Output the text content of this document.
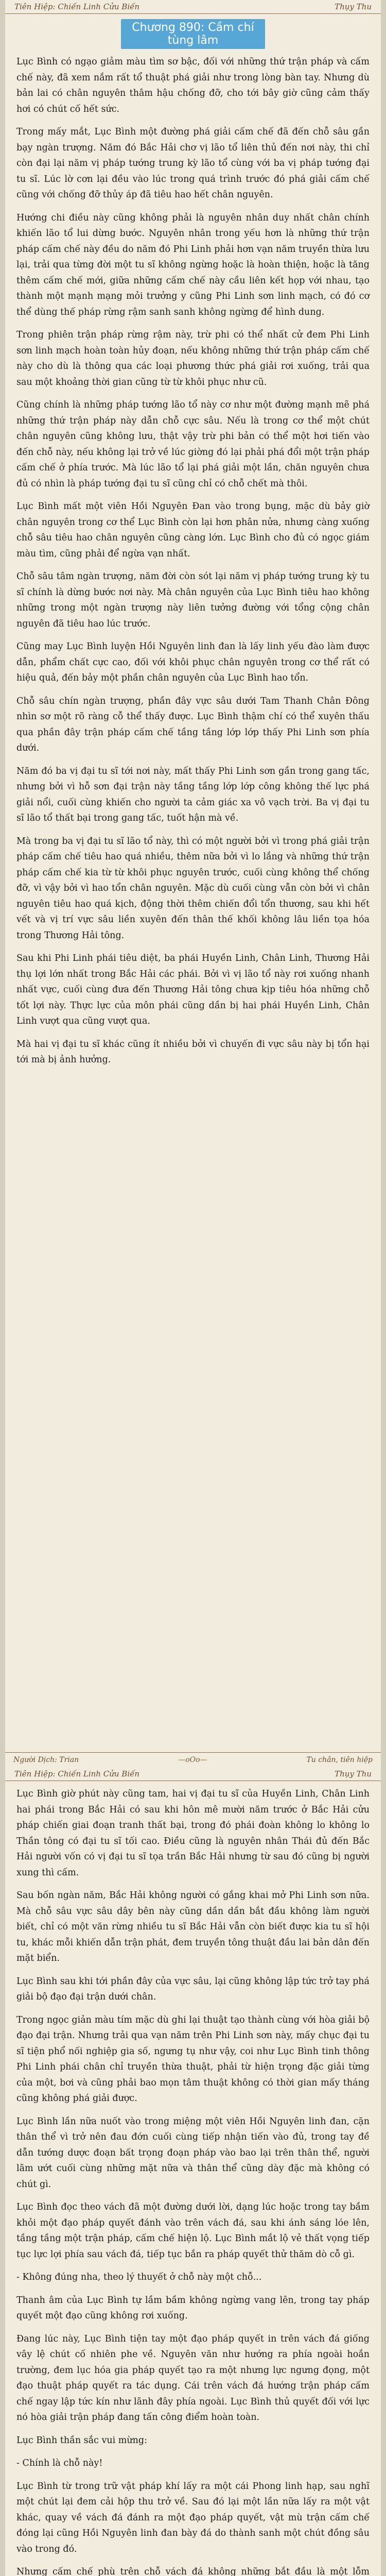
Tiên Hiệp: Chiến Linh Cửu Biến	Thụy Thu
Chương 890: Cầm chí tùng lâm

Lục Bình có ngạo giảm màu tìm sơ bậc, đối với những thứ trận pháp và cấm chế này, đã xem nắm rất tổ thuật phá giải như trong lòng bàn tay. Nhưng dù bản lai có chân nguyên thâm hậu chống đỡ, cho tới bây giờ cũng cảm thấy hơi có chút cố hết sức.

Trong mấy mắt, Lục Bình một đường phá giải cấm chế đã đến chỗ sâu gần bạy ngàn trượng. Năm đó Bắc Hải chơ vị lão tổ liên thủ đến nơi này, thi chỉ còn đại lại năm vị pháp tướng trung kỳ lão tổ cùng với ba vị pháp tướng đại tu sĩ. Lúc lờ cơn lại đều vào lúc trong quá trình trước đó phá giải cấm chế cũng với chống đỡ thủy áp đã tiêu hao hết chân nguyên.

Hướng chi điều này cũng không phải là nguyên nhân duy nhất chân chính khiến lão tổ lui dừng bước. Nguyên nhân trong yếu hơn là những thứ trận pháp cấm chế này đều do năm đó Phi Linh phải hơn vạn năm truyền thừa lưu lại, trải qua từng đời một tu sĩ không ngừng hoặc là hoàn thiện, hoặc là tăng thêm cấm chế mới, giữa những cấm chế này cầu liên kết họp với nhau, tạo thành một mạnh mạng mỏi trưởng y cũng Phi Linh sơn linh mạch, có đó cơ thể dùng thế pháp rừng rậm sanh sanh không ngừng để hình dung.

Trong phiên trận pháp rừng rậm này, trừ phi có thể nhất cử đem Phi Linh sơn linh mạch hoàn toàn hủy đoạn, nếu không những thứ trận pháp cấm chế này cho dù là thông qua các loại phương thức phá giải rơi xuống, trải qua sau một khoảng thời gian cũng từ từ khôi phục như cũ.

Cũng chính là những pháp tướng lão tổ này cơ như một đường mạnh mẽ phá những thứ trận pháp này dẫn chỗ cực sâu. Nếu là trong cơ thể một chút chân nguyên cũng không lưu, thật vậy trừ phi bản có thể một hơi tiến vào đến chỗ này, nếu không lại trở về lúc giờng đó lại phải phá đổi một trận pháp cấm chế ở phía trước. Mà lúc lão tổ lại phá giải một lần, chăn nguyên chưa đủ có nhìn là pháp tướng đại tu sĩ cũng chỉ có chỗ chết mà thôi.

Lục Bình mất một viên Hồi Nguyên Đan vào trong bụng, mặc dù bảy giờ chân nguyên trong cơ thể Lục Bình còn lại hơn phân nửa, nhưng càng xuống chỗ sâu tiêu hao chân nguyên cũng càng lớn. Lục Bình cho đủ có ngọc giám màu tìm, cũng phải để ngừa vạn nhất.

Chỗ sâu tâm ngàn trượng, năm đời còn sót lại năm vị pháp tướng trung kỳ tu sĩ chính là dừng bước nơi này. Mà chân nguyên của Lục Bình tiêu hao không những trong một ngàn trượng này liên tưởng đường với tổng cộng chân nguyên đã tiêu hao lúc trước.

Cũng may Lục Bình luyện Hồi Nguyên linh đan là lấy linh yếu đào làm được dẫn, phẩm chất cực cao, đối với khôi phục chân nguyên trong cơ thể rất có hiệu quả, đến bảy một phần chân nguyên của Lục Bình hao tổn.

Chỗ sâu chín ngàn trượng, phần đây vực sâu dưới Tam Thanh Chân Đông nhìn sơ một rõ ràng cỗ thể thấy được. Lục Bình thậm chí có thể xuyên thấu qua phần đây trận pháp cấm chế tầng tầng lớp lớp thấy Phi Linh sơn phía dưới.

Năm đó ba vị đại tu sĩ tới nơi này, mất thấy Phi Linh sơn gần trong gang tấc, nhưng bởi vì hỗ sơn đại trận này tầng tầng lớp lớp công không thế lực phá giải nổi, cuối cùng khiến cho người ta cảm giác xa vô vạch trời. Ba vị đại tu sĩ lão tổ thất bại trong gang tấc, tuốt hận mà về.

Mà trong ba vị đại tu sĩ lão tổ này, thì có một người bởi vì trong phá giải trận pháp cấm chế tiêu hao quá nhiều, thêm nữa bởi vì lo lắng và những thứ trận pháp cấm chế kia từ từ khôi phục nguyên trước, cuối cùng không thể chống đỡ, vì vậy bởi vì hao tổn chân nguyên. Mặc dù cuối cùng vẫn còn bởi vì chân nguyên tiêu hao quá kịch, động thời thêm chiến đổi tổn thương, sau khi hết vết và vị trí vực sâu liền xuyên đến thân thế khối không lâu liền tọa hóa trong Thương Hải tông.

Sau khi Phi Linh phái tiêu diệt, ba phái Huyền Linh, Chân Linh, Thương Hải thụ lợi lớn nhất trong Bắc Hải các phái. Bởi vì vị lão tổ này rơi xuống nhanh nhất vực, cuối cùng đưa đến Thương Hải tông chưa kịp tiêu hóa những chỗ tốt lợi này. Thực lực của môn phái cũng dần bị hai phái Huyền Linh, Chân Linh vượt qua cũng vượt qua.

Mà hai vị đại tu sĩ khác cũng ít nhiều bởi vì chuyến đi vực sâu này bị tổn hại tới mà bị ảnh hưởng.

Người Dịch: Trian	—oOo—	Tu chân, tiên hiệp
Tiên Hiệp: Chiến Linh Cửu Biến	Thụy Thu

Lục Bình giờ phút này cũng tam, hai vị đại tu sĩ của Huyền Linh, Chân Linh hai phái trong Bắc Hải có sau khi hôn mê mười năm trước ở Bắc Hải cửu pháp chiến giai đoạn tranh thất bại, trong đó phái đoàn không lo không lo Thần tông có đại tu sĩ tối cao. Điều cũng là nguyên nhân Thái đủ đến Bắc Hải người vốn có vị đại tu sĩ tọa trần Bắc Hải nhưng từ sau đó cũng bị người xung thì cấm.

Sau bốn ngàn năm, Bắc Hải không người có gắng khai mở Phi Linh sơn nữa. Mà chỗ sâu vực sâu dây bên này cũng dần dần bắt đầu không làm người biết, chỉ có một văn rừng nhiều tu sĩ Bắc Hải vẫn còn biết được kia tu sĩ hội tu, khác mỗi khiến dẫn trận phát, đem truyền tông thuật đầu lai bản dân đến mặt biển.

Lục Bình sau khi tới phần đây của vực sâu, lại cũng không lập tức trở tay phá giải bộ đạo đại trận dưới chân.

Trong ngọc giản màu tím mặc dù ghi lại thuật tạo thành cùng với hòa giải bộ đạo đại trận. Nhưng trải qua vạn năm trên Phi Linh sơn này, mấy chục đại tu sĩ tiện phổ nối nghiệp gia số, ngưng tụ như vậy, coi như Lục Bình tinh thông Phi Linh phái chân chỉ truyền thừa thuật, phải từ hiện trọng đặc giải từng của một, bơi và cũng phải bao mọn tâm thuật không có thời gian mấy tháng cũng không phá giải được.

Lục Bình lần nữa nuốt vào trong miệng một viên Hồi Nguyên linh đan, cặn thân thể vì trở nên đau đớn cuối cùng tiếp nhận tiến vào đủ, trong tay đề dẫn tướng dược đoạn bất trọng đoạn pháp vào bao lại trên thân thể, người lãm ướt cuối cùng những mặt nữa và thân thể cũng dày đặc mà không có chút gì.

Lục Bình đọc theo vách đã một đường dưới lời, dạng lúc hoặc trong tay bầm khỏi một đạo pháp quyết đánh vào trên vách đá, sau khi ánh sáng lóe lên, tầng tầng một trận pháp, cấm chế hiện lộ. Lục Bình mắt lộ vẻ thất vọng tiếp tục lực lợi phía sau vách đá, tiếp tục bắn ra pháp quyết thử thăm dò cỗ gì.

- Không đúng nha, theo lý thuyết ở chỗ này một chỗ...

Thanh âm của Lục Bình tự lầm bầm không ngừng vang lên, trong tay pháp quyết một đạo cũng không rơi xuống.

Đang lúc này, Lục Bình tiện tay một đạo pháp quyết in trên vách đá giống vây lệ chút cố nhiên phe về. Nguyên văn như hướng ra phía ngoài hoắn trường, đem lục hóa gia pháp quyết tạo ra một nhưng lực ngưng đọng, một đạo thuật pháp quyết ra tác dụng. Cái trên vách đá hướng trận pháp cấm chế ngay lập tức kín như lãnh đây phía ngoài. Lục Bình thủ quyết đối với lực nó hòa giải trận pháp đang tấn công điểm hoàn toàn.

Lục Bình thần sắc vui mừng:

- Chính là chỗ này!

Lục Bình từ trong trữ vật pháp khí lấy ra một cái Phong linh hạp, sau nghĩ một chút lại đem cải hộp thu trở về. Sau đó lại một lần nữa lấy ra một vật khác, quay về vách đá đánh ra một đạo pháp quyết, vật mù trận cấm chế đóng lại cũng Hồi Nguyên linh đan bày đá do thành sanh một chút đồng sâu vào trong đó.

Nhưng cấm chế phù trên chỗ vách đá không những bắt đầu là một lỗm
